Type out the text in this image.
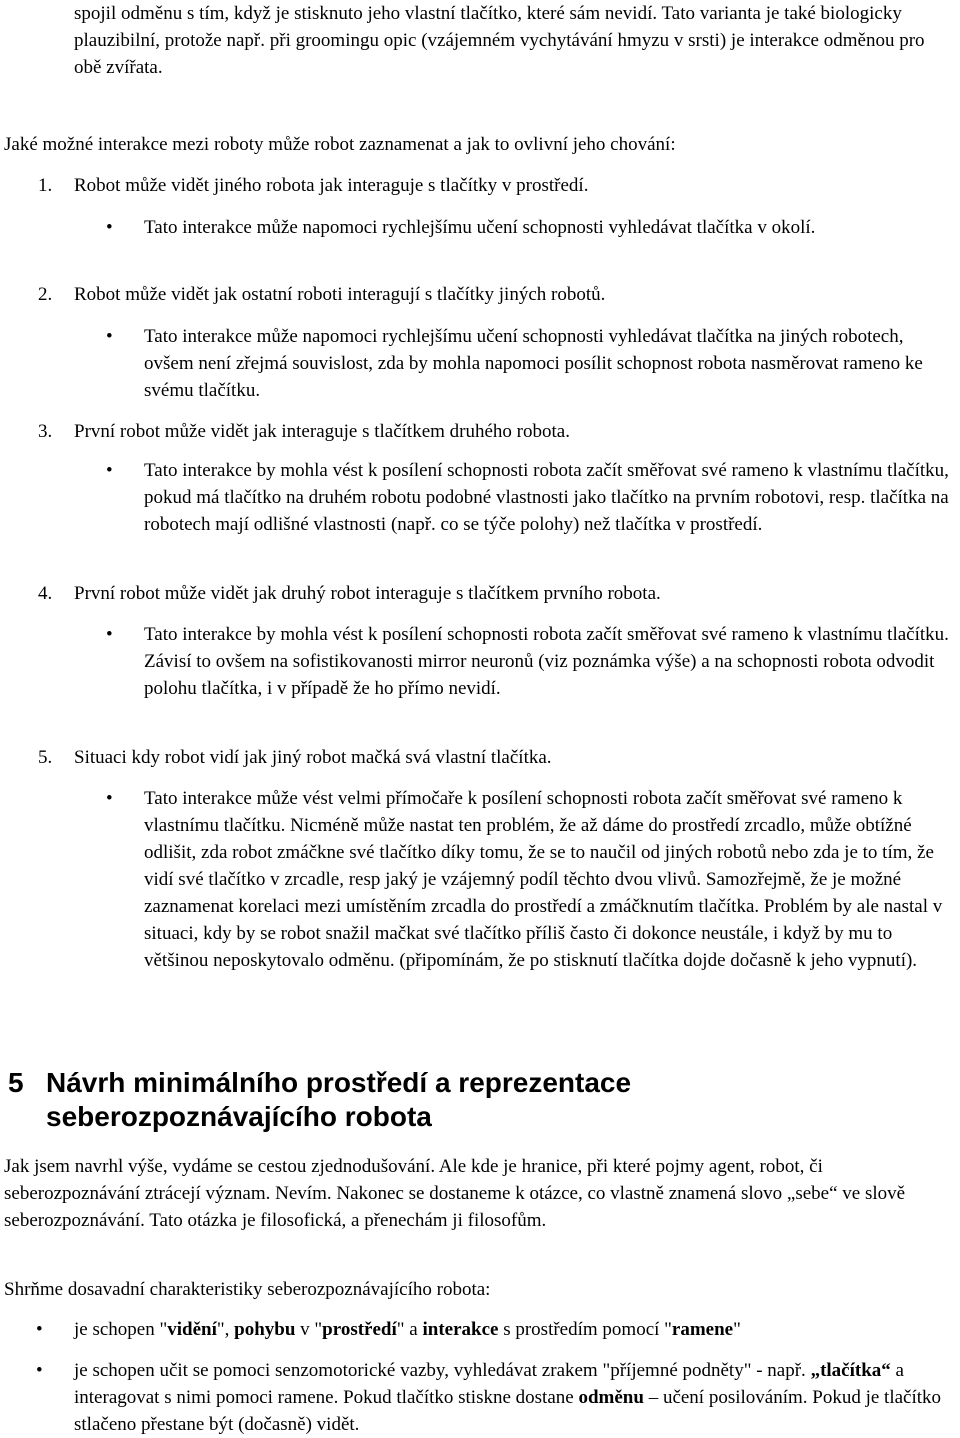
spojil odměnu s tím, když je stisknuto jeho vlastní tlačítko, které sám nevidí. Tato varianta je také biologicky plauzibilní, protože např. při groomingu opic (vzájemném vychytávání hmyzu v srsti) je interakce odměnou pro obě zvířata.

Jaké možné interakce mezi roboty může robot zaznamenat a jak to ovlivní jeho chování:

1. Robot může vidět jiného robota jak interaguje s tlačítky v prostředí.
• Tato interakce může napomoci rychlejšímu učení schopnosti vyhledávat tlačítka v okolí.
2. Robot může vidět jak ostatní roboti interagují s tlačítky jiných robotů.
• Tato interakce může napomoci rychlejšímu učení schopnosti vyhledávat tlačítka na jiných robotech, ovšem není zřejmá souvislost, zda by mohla napomoci posílit schopnost robota nasměrovat rameno ke svému tlačítku.
3. První robot může vidět jak interaguje s tlačítkem druhého robota.
• Tato interakce by mohla vést k posílení schopnosti robota začít směřovat své rameno k vlastnímu tlačítku, pokud má tlačítko na druhém robotu podobné vlastnosti jako tlačítko na prvním robotovi, resp. tlačítka na robotech mají odlišné vlastnosti (např. co se týče polohy) než tlačítka v prostředí.
4. První robot může vidět jak druhý robot interaguje s tlačítkem prvního robota.
• Tato interakce by mohla vést k posílení schopnosti robota začít směřovat své rameno k vlastnímu tlačítku. Závisí to ovšem na sofistikovanosti mirror neuronů (viz poznámka výše) a na schopnosti robota odvodit polohu tlačítka, i v případě že ho přímo nevidí.
5. Situaci kdy robot vidí jak jiný robot mačká svá vlastní tlačítka.
• Tato interakce může vést velmi přímočaře k posílení schopnosti robota začít směřovat své rameno k vlastnímu tlačítku. Nicméně může nastat ten problém, že až dáme do prostředí zrcadlo, může obtížné odlišit, zda robot zmáčkne své tlačítko díky tomu, že se to naučil od jiných robotů nebo zda je to tím, že vidí své tlačítko v zrcadle, resp jaký je vzájemný podíl těchto dvou vlivů. Samozřejmě, že je možné zaznamenat korelaci mezi umístěním zrcadla do prostředí a zmáčknutím tlačítka. Problém by ale nastal v situaci, kdy by se robot snažil mačkat své tlačítko příliš často či dokonce neustále, i když by mu to většinou neposkytovalo odměnu. (připomínám, že po stisknutí tlačítka dojde dočasně k jeho vypnutí).
5 Návrh minimálního prostředí a reprezentace
seberozpoznávajícího robota

Jak jsem navrhl výše, vydáme se cestou zjednodušování. Ale kde je hranice, při které pojmy agent, robot, či seberozpoznávání ztrácejí význam. Nevím. Nakonec se dostaneme k otázce, co vlastně znamená slovo „sebe“ ve slově seberozpoznávání. Tato otázka je filosofická, a přenechám ji filosofům.

Shrňme dosavadní charakteristiky seberozpoznávajícího robota:

• je schopen "vidění", pohybu v "prostředí" a interakce s prostředím pomocí "ramene"
• je schopen učit se pomoci senzomotorické vazby, vyhledávat zrakem "příjemné podněty" - např. „tlačítka“ a interagovat s nimi pomoci ramene. Pokud tlačítko stiskne dostane odměnu – učení posilováním. Pokud je tlačítko stlačeno přestane být (dočasně) vidět.
